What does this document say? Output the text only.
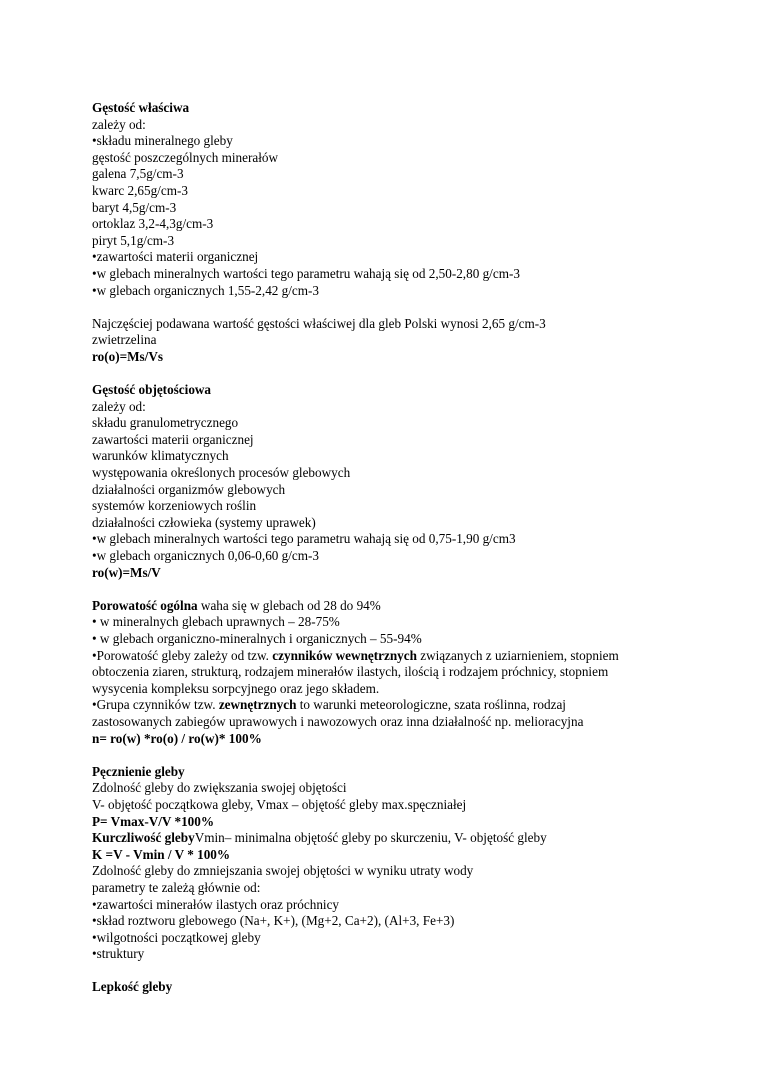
Gęstość właściwa

zależy od:

•składu mineralnego gleby

gęstość poszczególnych minerałów

galena 7,5g/cm-3

kwarc 2,65g/cm-3

baryt 4,5g/cm-3

ortoklaz 3,2-4,3g/cm-3

piryt 5,1g/cm-3

•zawartości materii organicznej

•w glebach mineralnych wartości tego parametru wahają się od 2,50-2,80 g/cm-3

•w glebach organicznych 1,55-2,42 g/cm-3

Najczęściej podawana wartość gęstości właściwej dla gleb Polski wynosi 2,65 g/cm-3

zwietrzelina

ro(o)=Ms/Vs

Gęstość objętościowa

zależy od:

składu granulometrycznego

zawartości materii organicznej

warunków klimatycznych

występowania określonych procesów glebowych

działalności organizmów glebowych

systemów korzeniowych roślin

działalności człowieka (systemy uprawek)

•w glebach mineralnych wartości tego parametru wahają się od 0,75-1,90 g/cm3

•w glebach organicznych 0,06-0,60 g/cm-3

ro(w)=Ms/V

Porowatość ogólna waha się w glebach od 28 do 94%

• w mineralnych glebach uprawnych – 28-75%

• w glebach organiczno-mineralnych i organicznych – 55-94%

•Porowatość gleby zależy od tzw. czynników wewnętrznych związanych z uziarnieniem, stopniem

obtoczenia ziaren, strukturą, rodzajem minerałów ilastych, ilością i rodzajem próchnicy, stopniem

wysycenia kompleksu sorpcyjnego oraz jego składem.

•Grupa czynników tzw. zewnętrznych to warunki meteorologiczne, szata roślinna, rodzaj

zastosowanych zabiegów uprawowych i nawozowych oraz inna działalność np. melioracyjna

n= ro(w) *ro(o) / ro(w)* 100%

Pęcznienie gleby

Zdolność gleby do zwiększania swojej objętości

V- objętość początkowa gleby, Vmax – objętość gleby max.spęczniałej

P= Vmax-V/V *100%

Kurczliwość glebyVmin– minimalna objętość gleby po skurczeniu, V- objętość gleby

K =V - Vmin / V * 100%

Zdolność gleby do zmniejszania swojej objętości w wyniku utraty wody

parametry te zależą głównie od:

•zawartości minerałów ilastych oraz próchnicy

•skład roztworu glebowego (Na+, K+), (Mg+2, Ca+2), (Al+3, Fe+3)

•wilgotności początkowej gleby

•struktury

Lepkość gleby
